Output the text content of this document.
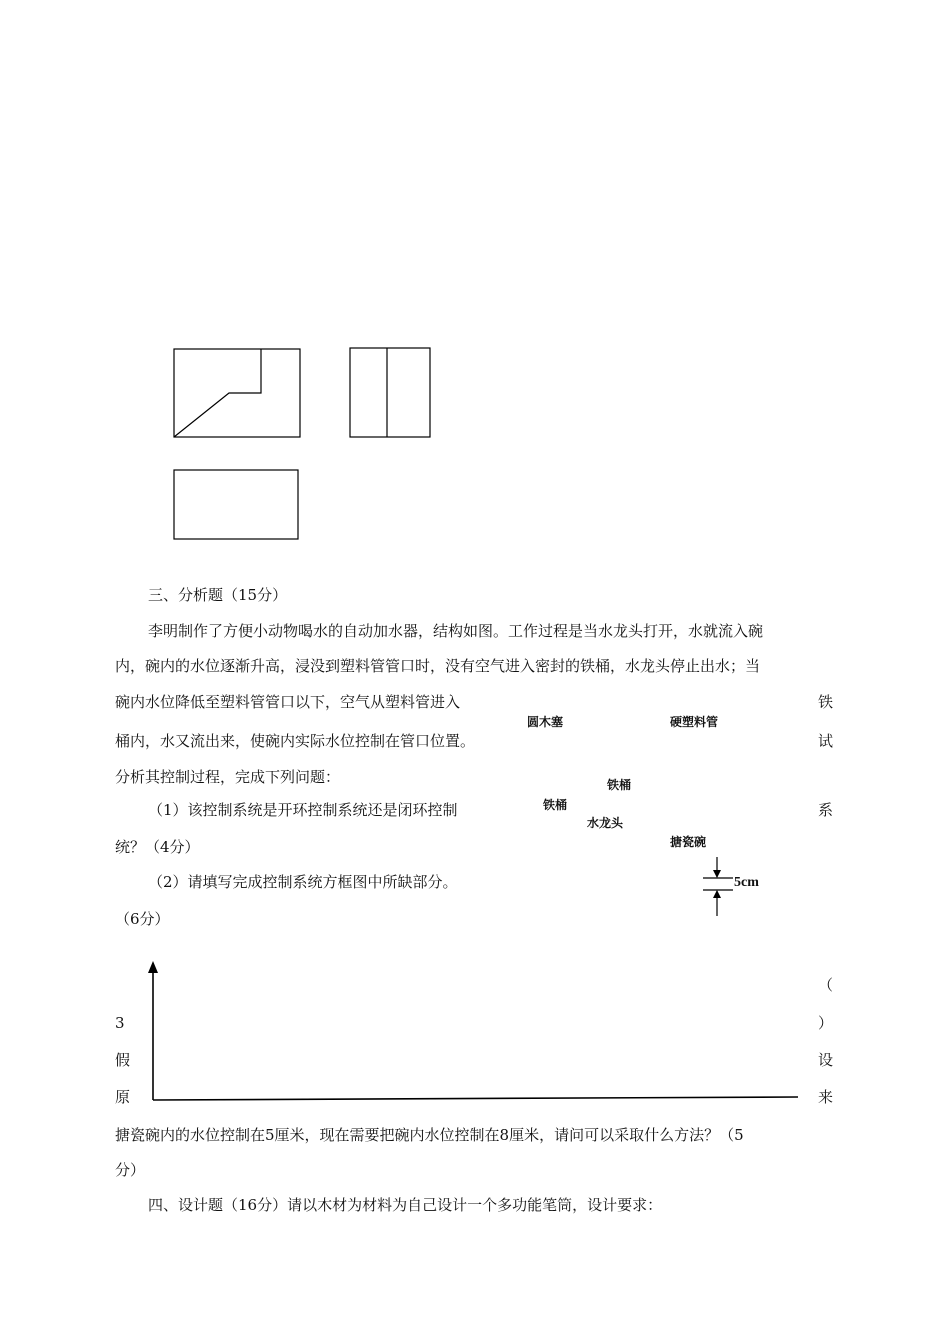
三、分析题（15分）
李明制作了方便小动物喝水的自动加水器，结构如图。工作过程是当水龙头打开，水就流入碗
内，碗内的水位逐渐升高，浸没到塑料管管口时，没有空气进入密封的铁桶，水龙头停止出水；当
碗内水位降低至塑料管管口以下，空气从塑料管进入	铁
桶内，水又流出来，使碗内实际水位控制在管口位置。	试
分析其控制过程，完成下列问题：
（1）该控制系统是开环控制系统还是闭环控制	系
统？（4分）
（2）请填写完成控制系统方框图中所缺部分。
（6分）
圆木塞	硬塑料管
铁桶
铁桶
水龙头
搪瓷碗
5cm
3
假
原
（
）
设
来
搪瓷碗内的水位控制在5厘米，现在需要把碗内水位控制在8厘米，请问可以采取什么方法？（5
分）
四、设计题（16分）请以木材为材料为自己设计一个多功能笔筒，设计要求：
